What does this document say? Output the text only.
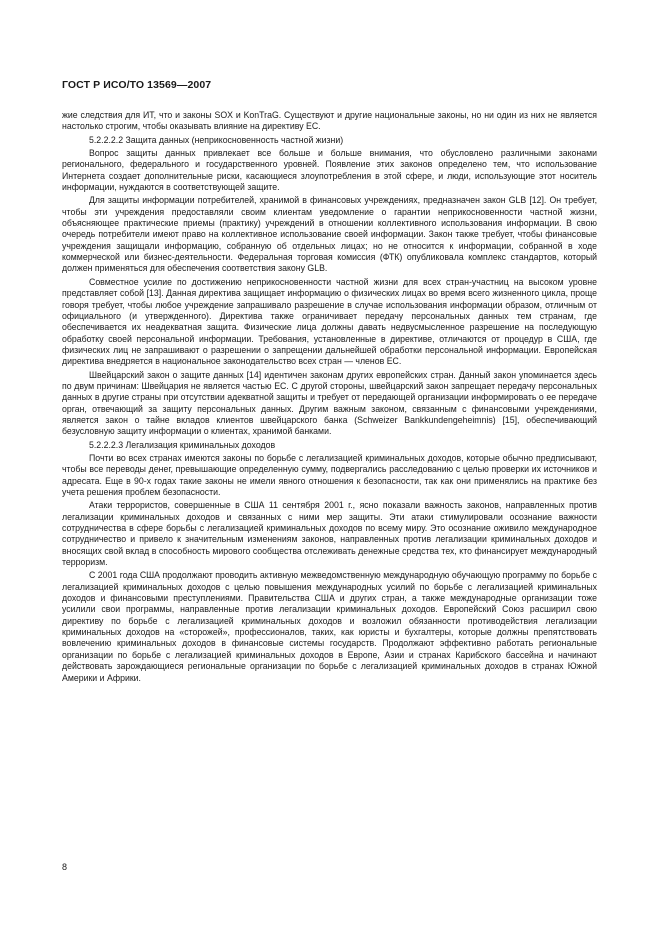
ГОСТ Р ИСО/ТО 13569—2007

жие следствия для ИТ, что и законы SOX и KonTraG. Существуют и другие национальные законы, но ни один из них не является настолько строгим, чтобы оказывать влияние на директиву ЕС.

5.2.2.2.2 Защита данных (неприкосновенность частной жизни)

Вопрос защиты данных привлекает все больше и больше внимания, что обусловлено различными законами регионального, федерального и государственного уровней. Появление этих законов определено тем, что использование Интернета создает дополнительные риски, касающиеся злоупотребления в этой сфере, и люди, использующие этот носитель информации, нуждаются в соответствующей защите.

Для защиты информации потребителей, хранимой в финансовых учреждениях, предназначен закон GLB [12]. Он требует, чтобы эти учреждения предоставляли своим клиентам уведомление о гарантии неприкосновенности частной жизни, объясняющее практические приемы (практику) учреждений в отношении коллективного использования информации. В свою очередь потребители имеют право на коллективное использование своей информации. Закон также требует, чтобы финансовые учреждения защищали информацию, собранную об отдельных лицах; но не относится к информации, собранной в ходе коммерческой или бизнес-деятельности. Федеральная торговая комиссия (ФТК) опубликовала комплекс стандартов, который должен применяться для обеспечения соответствия закону GLB.

Совместное усилие по достижению неприкосновенности частной жизни для всех стран-участниц на высоком уровне представляет собой [13]. Данная директива защищает информацию о физических лицах во время всего жизненного цикла, проще говоря требует, чтобы любое учреждение запрашивало разрешение в случае использования информации образом, отличным от официального (и утвержденного). Директива также ограничивает передачу персональных данных тем странам, где обеспечивается их неадекватная защита. Физические лица должны давать недвусмысленное разрешение на последующую обработку своей персональной информации. Требования, установленные в директиве, отличаются от процедур в США, где физических лиц не запрашивают о разрешении о запрещении дальнейшей обработки персональной информации. Европейская директива внедряется в национальное законодательство всех стран — членов ЕС.

Швейцарский закон о защите данных [14] идентичен законам других европейских стран. Данный закон упоминается здесь по двум причинам: Швейцария не является частью ЕС. С другой стороны, швейцарский закон запрещает передачу персональных данных в другие страны при отсутствии адекватной защиты и требует от передающей организации информировать о ее передаче орган, отвечающий за защиту персональных данных. Другим важным законом, связанным с финансовыми учреждениями, является закон о тайне вкладов клиентов швейцарского банка (Schweizer Bankkundengeheimnis) [15], обеспечивающий безусловную защиту информации о клиентах, хранимой банками.

5.2.2.2.3 Легализация криминальных доходов

Почти во всех странах имеются законы по борьбе с легализацией криминальных доходов, которые обычно предписывают, чтобы все переводы денег, превышающие определенную сумму, подвергались расследованию с целью проверки их источников и адресата. Еще в 90-х годах такие законы не имели явного отношения к безопасности, так как они применялись на практике без учета решения проблем безопасности.

Атаки террористов, совершенные в США 11 сентября 2001 г., ясно показали важность законов, направленных против легализации криминальных доходов и связанных с ними мер защиты. Эти атаки стимулировали осознание важности сотрудничества в сфере борьбы с легализацией криминальных доходов по всему миру. Это осознание оживило международное сотрудничество и привело к значительным изменениям законов, направленных против легализации криминальных доходов и вносящих свой вклад в способность мирового сообщества отслеживать денежные средства тех, кто финансирует международный терроризм.

С 2001 года США продолжают проводить активную межведомственную международную обучающую программу по борьбе с легализацией криминальных доходов с целью повышения международных усилий по борьбе с легализацией криминальных доходов и финансовыми преступлениями. Правительства США и других стран, а также международные организации тоже усилили свои программы, направленные против легализации криминальных доходов. Европейский Союз расширил свою директиву по борьбе с легализацией криминальных доходов и возложил обязанности противодействия легализации криминальных доходов на «сторожей», профессионалов, таких, как юристы и бухгалтеры, которые должны препятствовать вовлечению криминальных доходов в финансовые системы государств. Продолжают эффективно работать региональные организации по борьбе с легализацией криминальных доходов в Европе, Азии и странах Карибского бассейна и начинают действовать зарождающиеся региональные организации по борьбе с легализацией криминальных доходов в странах Южной Америки и Африки.

8
